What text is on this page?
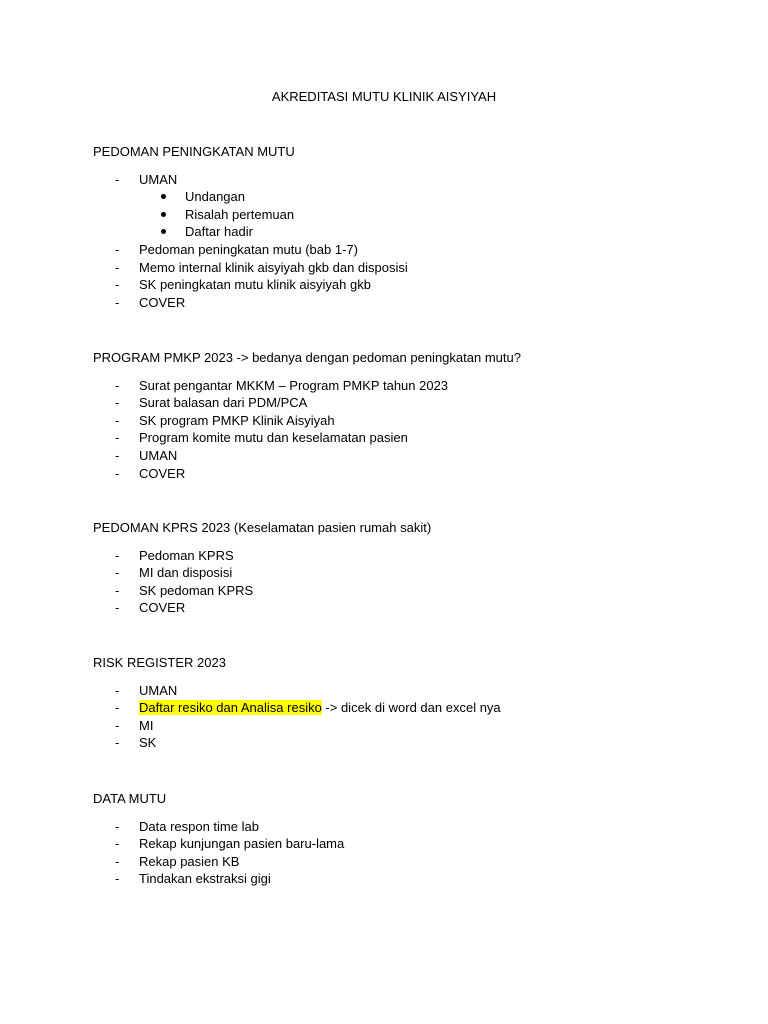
AKREDITASI MUTU KLINIK AISYIYAH
PEDOMAN PENINGKATAN MUTU
- UMAN
Undangan
Risalah pertemuan
Daftar hadir
- Pedoman peningkatan mutu (bab 1-7)
- Memo internal klinik aisyiyah gkb dan disposisi
- SK peningkatan mutu klinik aisyiyah gkb
- COVER
PROGRAM PMKP 2023 -> bedanya dengan pedoman peningkatan mutu?
- Surat pengantar MKKM – Program PMKP tahun 2023
- Surat balasan dari PDM/PCA
- SK program PMKP Klinik Aisyiyah
- Program komite mutu dan keselamatan pasien
- UMAN
- COVER
PEDOMAN KPRS 2023 (Keselamatan pasien rumah sakit)
- Pedoman KPRS
- MI dan disposisi
- SK pedoman KPRS
- COVER
RISK REGISTER 2023
- UMAN
- Daftar resiko dan Analisa resiko -> dicek di word dan excel nya
- MI
- SK
DATA MUTU
- Data respon time lab
- Rekap kunjungan pasien baru-lama
- Rekap pasien KB
- Tindakan ekstraksi gigi
